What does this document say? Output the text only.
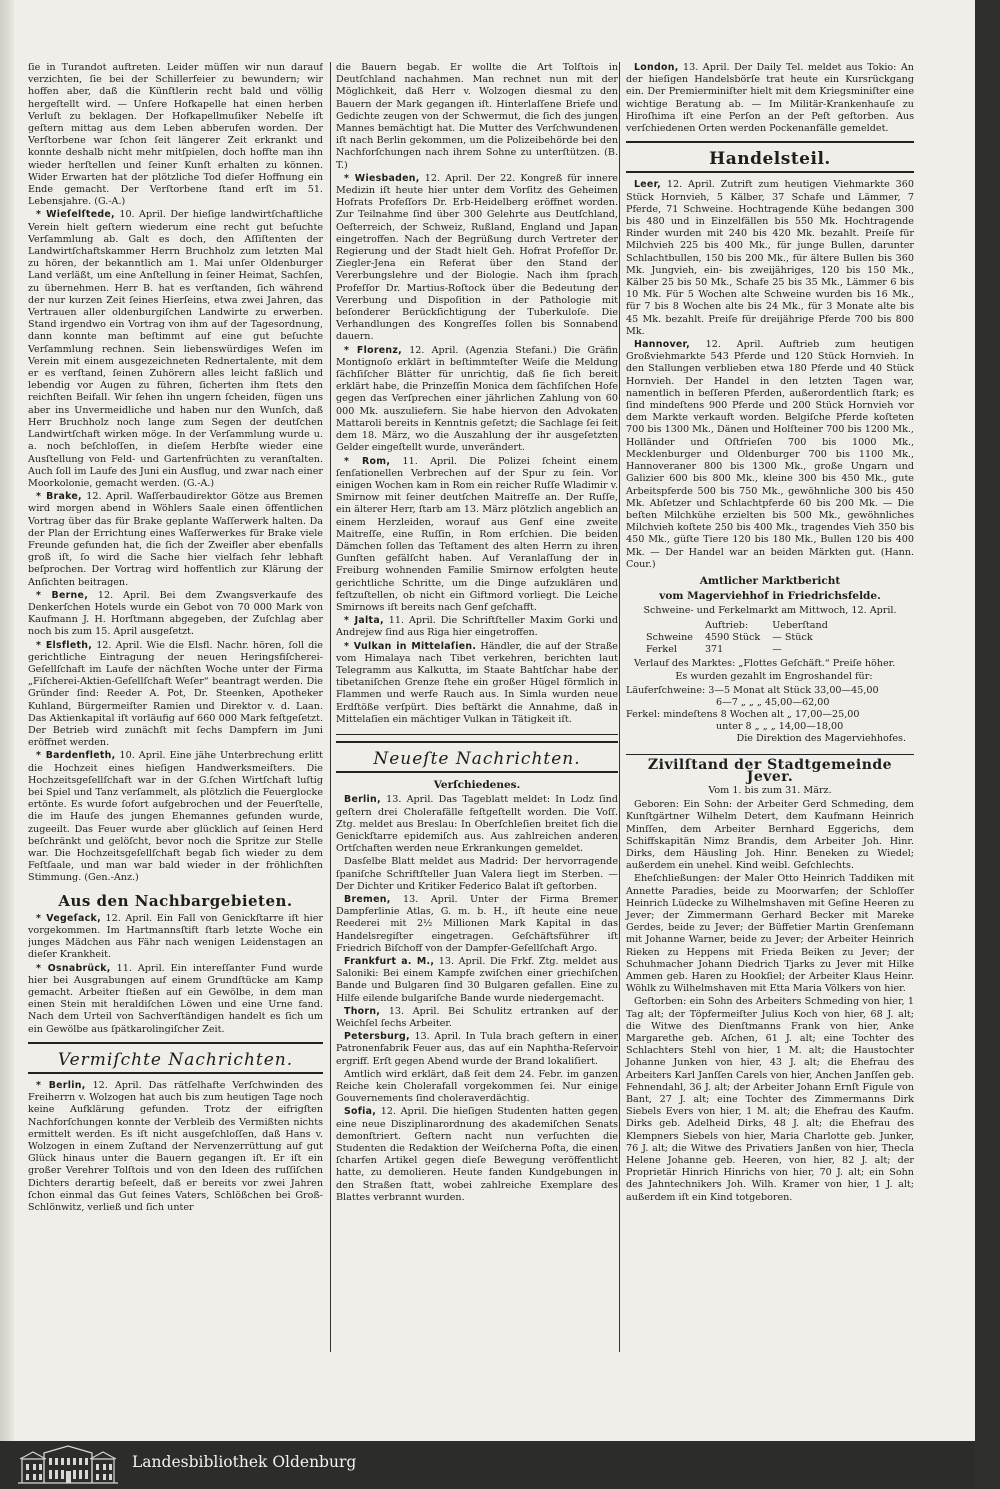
ſie in Turandot auftreten. Leider müſſen wir nun darauf verzichten, ſie bei der Schillerfeier zu bewundern; wir hoffen aber, daß die Künſtlerin recht bald und völlig hergeſtellt wird. — Unſere Hofkapelle hat einen herben Verluſt zu beklagen. Der Hofkapellmuſiker Nebelſe iſt geſtern mittag aus dem Leben abberufen worden. Der Verſtorbene war ſchon ſeit längerer Zeit erkrankt und konnte deshalb nicht mehr mitſpielen, doch hoffte man ihn wieder herſtellen und ſeiner Kunſt erhalten zu können. Wider Erwarten hat der plötzliche Tod dieſer Hoffnung ein Ende gemacht. Der Verſtorbene ſtand erſt im 51. Lebensjahre. (G.-A.)

* Wieſelſtede, 10. April. Der hieſige landwirtſchaftliche Verein hielt geſtern wiederum eine recht gut beſuchte Verſammlung ab. Galt es doch, den Aſſiſtenten der Landwirtſchaftskammer Herrn Bruchholz zum letzten Mal zu hören, der bekanntlich am 1. Mai unſer Oldenburger Land verläßt, um eine Anſtellung in ſeiner Heimat, Sachſen, zu übernehmen. Herr B. hat es verſtanden, ſich während der nur kurzen Zeit ſeines Hierſeins, etwa zwei Jahren, das Vertrauen aller oldenburgiſchen Landwirte zu erwerben. Stand irgendwo ein Vortrag von ihm auf der Tagesordnung, dann konnte man beſtimmt auf eine gut beſuchte Verſammlung rechnen. Sein liebenswürdiges Weſen im Verein mit einem ausgezeichneten Rednertalente, mit dem er es verſtand, ſeinen Zuhörern alles leicht faßlich und lebendig vor Augen zu führen, ſicherten ihm ſtets den reichſten Beifall. Wir ſehen ihn ungern ſcheiden, fügen uns aber ins Unvermeidliche und haben nur den Wunſch, daß Herr Bruchholz noch lange zum Segen der deutſchen Landwirtſchaft wirken möge. In der Verſammlung wurde u. a. noch beſchloſſen, in dieſem Herbſte wieder eine Ausſtellung von Feld- und Gartenfrüchten zu veranſtalten. Auch ſoll im Laufe des Juni ein Ausflug, und zwar nach einer Moorkolonie, gemacht werden. (G.-A.)

* Brake, 12. April. Waſſerbaudirektor Götze aus Bremen wird morgen abend in Wöhlers Saale einen öffentlichen Vortrag über das für Brake geplante Waſſerwerk halten. Da der Plan der Errichtung eines Waſſerwerkes für Brake viele Freunde gefunden hat, die ſich der Zweifler aber ebenfalls groß iſt, ſo wird die Sache hier vielfach ſehr lebhaft beſprochen. Der Vortrag wird hoffentlich zur Klärung der Anſichten beitragen.

* Berne, 12. April. Bei dem Zwangsverkaufe des Denkerſchen Hotels wurde ein Gebot von 70 000 Mark von Kaufmann J. H. Horſtmann abgegeben, der Zuſchlag aber noch bis zum 15. April ausgeſetzt.

* Elsfleth, 12. April. Wie die Elsfl. Nachr. hören, ſoll die gerichtliche Eintragung der neuen Heringsfiſcherei-Geſellſchaft im Laufe der nächſten Woche unter der Firma „Fiſcherei-Aktien-Geſellſchaft Weſer“ beantragt werden. Die Gründer ſind: Reeder A. Pot, Dr. Steenken, Apotheker Kuhland, Bürgermeiſter Ramien und Direktor v. d. Laan. Das Aktienkapital iſt vorläufig auf 660 000 Mark feſtgeſetzt. Der Betrieb wird zunächſt mit ſechs Dampfern im Juni eröffnet werden.

* Bardenfleth, 10. April. Eine jähe Unterbrechung erlitt die Hochzeit eines hieſigen Handwerksmeiſters. Die Hochzeitsgeſellſchaft war in der G.ſchen Wirtſchaft luſtig bei Spiel und Tanz verſammelt, als plötzlich die Feuerglocke ertönte. Es wurde ſofort aufgebrochen und der Feuerſtelle, die im Hauſe des jungen Ehemannes gefunden wurde, zugeeilt. Das Feuer wurde aber glücklich auf ſeinen Herd beſchränkt und gelöſcht, bevor noch die Spritze zur Stelle war. Die Hochzeitsgeſellſchaft begab ſich wieder zu dem Feſtſaale, und man war bald wieder in der fröhlichſten Stimmung. (Gen.-Anz.)

Aus den Nachbargebieten.

* Vegeſack, 12. April. Ein Fall von Genickſtarre iſt hier vorgekommen. Im Hartmannsſtift ſtarb letzte Woche ein junges Mädchen aus Fähr nach wenigen Leidenstagen an dieſer Krankheit.

* Osnabrück, 11. April. Ein intereſſanter Fund wurde hier bei Ausgrabungen auf einem Grundſtücke am Kamp gemacht. Arbeiter ſtießen auf ein Gewölbe, in dem man einen Stein mit heraldiſchen Löwen und eine Urne fand. Nach dem Urteil von Sachverſtändigen handelt es ſich um ein Gewölbe aus ſpätkarolingiſcher Zeit.

Vermiſchte Nachrichten.

* Berlin, 12. April. Das rätſelhafte Verſchwinden des Freiherrn v. Wolzogen hat auch bis zum heutigen Tage noch keine Aufklärung gefunden. Trotz der eifrigſten Nachforſchungen konnte der Verbleib des Vermißten nichts ermittelt werden. Es iſt nicht ausgeſchloſſen, daß Hans v. Wolzogen in einem Zuſtand der Nervenzerrüttung auf gut Glück hinaus unter die Bauern gegangen iſt. Er iſt ein großer Verehrer Tolſtois und von den Ideen des ruſſiſchen Dichters derartig beſeelt, daß er bereits vor zwei Jahren ſchon einmal das Gut ſeines Vaters, Schlößchen bei Groß-Schlönwitz, verließ und ſich unter

die Bauern begab. Er wollte die Art Tolſtois in Deutſchland nachahmen. Man rechnet nun mit der Möglichkeit, daß Herr v. Wolzogen diesmal zu den Bauern der Mark gegangen iſt. Hinterlaſſene Briefe und Gedichte zeugen von der Schwermut, die ſich des jungen Mannes bemächtigt hat. Die Mutter des Verſchwundenen iſt nach Berlin gekommen, um die Polizeibehörde bei den Nachforſchungen nach ihrem Sohne zu unterſtützen. (B. T.)

* Wiesbaden, 12. April. Der 22. Kongreß für innere Medizin iſt heute hier unter dem Vorſitz des Geheimen Hofrats Profeſſors Dr. Erb-Heidelberg eröffnet worden. Zur Teilnahme ſind über 300 Gelehrte aus Deutſchland, Oeſterreich, der Schweiz, Rußland, England und Japan eingetroffen. Nach der Begrüßung durch Vertreter der Regierung und der Stadt hielt Geh. Hofrat Profeſſor Dr. Ziegler-Jena ein Referat über den Stand der Vererbungslehre und der Biologie. Nach ihm ſprach Profeſſor Dr. Martius-Roſtock über die Bedeutung der Vererbung und Dispoſition in der Pathologie mit beſonderer Berückſichtigung der Tuberkuloſe. Die Verhandlungen des Kongreſſes ſollen bis Sonnabend dauern.

* Florenz, 12. April. (Agenzia Stefani.) Die Gräfin Montignoſo erklärt in beſtimmteſter Weiſe die Meldung ſächſiſcher Blätter für unrichtig, daß ſie ſich bereit erklärt habe, die Prinzeſſin Monica dem ſächſiſchen Hofe gegen das Verſprechen einer jährlichen Zahlung von 60 000 Mk. auszuliefern. Sie habe hiervon den Advokaten Mattaroli bereits in Kenntnis geſetzt; die Sachlage ſei ſeit dem 18. März, wo die Auszahlung der ihr ausgeſetzten Gelder eingeſtellt wurde, unverändert.

* Rom, 11. April. Die Polizei ſcheint einem ſenſationellen Verbrechen auf der Spur zu ſein. Vor einigen Wochen kam in Rom ein reicher Ruſſe Wladimir v. Smirnow mit ſeiner deutſchen Maitreſſe an. Der Ruſſe, ein älterer Herr, ſtarb am 13. März plötzlich angeblich an einem Herzleiden, worauf aus Genf eine zweite Maitreſſe, eine Ruſſin, in Rom erſchien. Die beiden Dämchen ſollen das Teſtament des alten Herrn zu ihren Gunſten gefälſcht haben. Auf Veranlaſſung der in Freiburg wohnenden Familie Smirnow erfolgten heute gerichtliche Schritte, um die Dinge aufzuklären und feſtzuſtellen, ob nicht ein Giftmord vorliegt. Die Leiche Smirnows iſt bereits nach Genf geſchafft.

* Jalta, 11. April. Die Schriftſteller Maxim Gorki und Andrejew ſind aus Riga hier eingetroffen.

* Vulkan in Mittelaſien. Händler, die auf der Straße vom Himalaya nach Tibet verkehren, berichten laut Telegramm aus Kalkutta, im Staate Bahtſchar habe der tibetaniſchen Grenze ſtehe ein großer Hügel förmlich in Flammen und werfe Rauch aus. In Simla wurden neue Erdſtöße verſpürt. Dies beſtärkt die Annahme, daß in Mittelaſien ein mächtiger Vulkan in Tätigkeit iſt.

Neueſte Nachrichten.
Verſchiedenes.

Berlin, 13. April. Das Tageblatt meldet: In Lodz ſind geſtern drei Cholerafälle feſtgeſtellt worden. Die Voſſ. Ztg. meldet aus Breslau: In Oberſchleſien breitet ſich die Genickſtarre epidemiſch aus. Aus zahlreichen anderen Ortſchaften werden neue Erkrankungen gemeldet.

Dasſelbe Blatt meldet aus Madrid: Der hervorragende ſpaniſche Schriftſteller Juan Valera liegt im Sterben. — Der Dichter und Kritiker Federico Balat iſt geſtorben.

Bremen, 13. April. Unter der Firma Bremer Dampferlinie Atlas, G. m. b. H., iſt heute eine neue Reederei mit 2½ Millionen Mark Kapital in das Handelsregiſter eingetragen. Geſchäftsführer iſt Friedrich Biſchoff von der Dampfer-Geſellſchaft Argo.

Frankfurt a. M., 13. April. Die Frkf. Ztg. meldet aus Saloniki: Bei einem Kampfe zwiſchen einer griechiſchen Bande und Bulgaren ſind 30 Bulgaren gefallen. Eine zu Hilfe eilende bulgariſche Bande wurde niedergemacht.

Thorn, 13. April. Bei Schulitz ertranken auf der Weichſel ſechs Arbeiter.

Petersburg, 13. April. In Tula brach geſtern in einer Patronenfabrik Feuer aus, das auf ein Naphtha-Reſervoir ergriff. Erſt gegen Abend wurde der Brand lokaliſiert.

Amtlich wird erklärt, daß ſeit dem 24. Febr. im ganzen Reiche kein Cholerafall vorgekommen ſei. Nur einige Gouvernements ſind choleraverdächtig.

Sofia, 12. April. Die hieſigen Studenten hatten gegen eine neue Disziplinarordnung des akademiſchen Senats demonſtriert. Geſtern nacht nun verſuchten die Studenten die Redaktion der Weiſcherna Poſta, die einen ſcharfen Artikel gegen dieſe Bewegung veröffentlicht hatte, zu demolieren. Heute fanden Kundgebungen in den Straßen ſtatt, wobei zahlreiche Exemplare des Blattes verbrannt wurden.

London, 13. April. Der Daily Tel. meldet aus Tokio: An der hieſigen Handelsbörſe trat heute ein Kursrückgang ein. Der Premierminiſter hielt mit dem Kriegsminiſter eine wichtige Beratung ab. — Im Militär-Krankenhauſe zu Hiroſhima iſt eine Perſon an der Peſt geſtorben. Aus verſchiedenen Orten werden Pockenanfälle gemeldet.

Handelsteil.

Leer, 12. April. Zutrift zum heutigen Viehmarkte 360 Stück Hornvieh, 5 Kälber, 37 Schafe und Lämmer, 7 Pferde, 71 Schweine. Hochtragende Kühe bedangen 300 bis 480 und in Einzelfällen bis 550 Mk. Hochtragende Rinder wurden mit 240 bis 420 Mk. bezahlt. Preiſe für Milchvieh 225 bis 400 Mk., für junge Bullen, darunter Schlachtbullen, 150 bis 200 Mk., für ältere Bullen bis 360 Mk. Jungvieh, ein- bis zweijähriges, 120 bis 150 Mk., Kälber 25 bis 50 Mk., Schafe 25 bis 35 Mk., Lämmer 6 bis 10 Mk. Für 5 Wochen alte Schweine wurden bis 16 Mk., für 7 bis 8 Wochen alte bis 24 Mk., für 3 Monate alte bis 45 Mk. bezahlt. Preiſe für dreijährige Pferde 700 bis 800 Mk.

Hannover, 12. April. Auftrieb zum heutigen Großviehmarkte 543 Pferde und 120 Stück Hornvieh. In den Stallungen verblieben etwa 180 Pferde und 40 Stück Hornvieh. Der Handel in den letzten Tagen war, namentlich in beſſeren Pferden, außerordentlich ſtark; es ſind mindeſtens 900 Pferde und 200 Stück Hornvieh vor dem Markte verkauft worden. Belgiſche Pferde koſteten 700 bis 1300 Mk., Dänen und Holſteiner 700 bis 1200 Mk., Holländer und Oſtfrieſen 700 bis 1000 Mk., Mecklenburger und Oldenburger 700 bis 1100 Mk., Hannoveraner 800 bis 1300 Mk., große Ungarn und Galizier 600 bis 800 Mk., kleine 300 bis 450 Mk., gute Arbeitspferde 500 bis 750 Mk., gewöhnliche 300 bis 450 Mk. Abſetzer und Schlachtpferde 60 bis 200 Mk. — Die beſten Milchkühe erzielten bis 500 Mk., gewöhnliches Milchvieh koſtete 250 bis 400 Mk., tragendes Vieh 350 bis 450 Mk., güſte Tiere 120 bis 180 Mk., Bullen 120 bis 400 Mk. — Der Handel war an beiden Märkten gut. (Hann. Cour.)

Amtlicher Marktbericht
vom Magerviehhof in Friedrichsfelde.
Schweine- und Ferkelmarkt am Mittwoch, 12. April.
	Auftrieb:	Ueberſtand
Schweine	4590 Stück	— Stück
Ferkel	371	—

Verlauf des Marktes: „Flottes Geſchäft.“ Preiſe höher.

Es wurden gezahlt im Engroshandel für:

Läuferſchweine: 3—5 Monat alt Stück 33,00—45,00
6—7 „ „ „ 45,00—62,00
Ferkel: mindeſtens 8 Wochen alt „ 17,00—25,00
unter 8 „ „ „ 14,00—18,00
Die Direktion des Magerviehhofes.
Zivilſtand der Stadtgemeinde Jever.
Vom 1. bis zum 31. März.

Geboren: Ein Sohn: der Arbeiter Gerd Schmeding, dem Kunſtgärtner Wilhelm Detert, dem Kaufmann Heinrich Minſſen, dem Arbeiter Bernhard Eggerichs, dem Schiffskapitän Nimz Brandis, dem Arbeiter Joh. Hinr. Dirks, dem Häusling Joh. Hinr. Beneken zu Wiedel; außerdem ein unehel. Kind weibl. Geſchlechts.

Eheſchließungen: der Maler Otto Heinrich Taddiken mit Annette Paradies, beide zu Moorwarfen; der Schloſſer Heinrich Lüdecke zu Wilhelmshaven mit Geſine Heeren zu Jever; der Zimmermann Gerhard Becker mit Mareke Gerdes, beide zu Jever; der Büffetier Martin Grenſemann mit Johanne Warner, beide zu Jever; der Arbeiter Heinrich Rieken zu Heppens mit Frieda Beiken zu Jever; der Schuhmacher Johann Diedrich Tjarks zu Jever mit Hilke Ammen geb. Haren zu Hookſiel; der Arbeiter Klaus Heinr. Wöhlk zu Wilhelmshaven mit Etta Maria Völkers von hier.

Geſtorben: ein Sohn des Arbeiters Schmeding von hier, 1 Tag alt; der Töpfermeiſter Julius Koch von hier, 68 J. alt; die Witwe des Dienſtmanns Frank von hier, Anke Margarethe geb. Aſchen, 61 J. alt; eine Tochter des Schlachters Stehl von hier, 1 M. alt; die Haustochter Johanne Junken von hier, 43 J. alt; die Ehefrau des Arbeiters Karl Janſſen Carels von hier, Anchen Janſſen geb. Fehnendahl, 36 J. alt; der Arbeiter Johann Ernſt Figule von Bant, 27 J. alt; eine Tochter des Zimmermanns Dirk Siebels Evers von hier, 1 M. alt; die Ehefrau des Kaufm. Dirks geb. Adelheid Dirks, 48 J. alt; die Ehefrau des Klempners Siebels von hier, Maria Charlotte geb. Junker, 76 J. alt; die Witwe des Privatiers Janßen von hier, Thecla Helene Johanne geb. Heeren, von hier, 82 J. alt; der Proprietär Hinrich Hinrichs von hier, 70 J. alt; ein Sohn des Jahntechnikers Joh. Wilh. Kramer von hier, 1 J. alt; außerdem iſt ein Kind totgeboren.

Landesbibliothek Oldenburg
